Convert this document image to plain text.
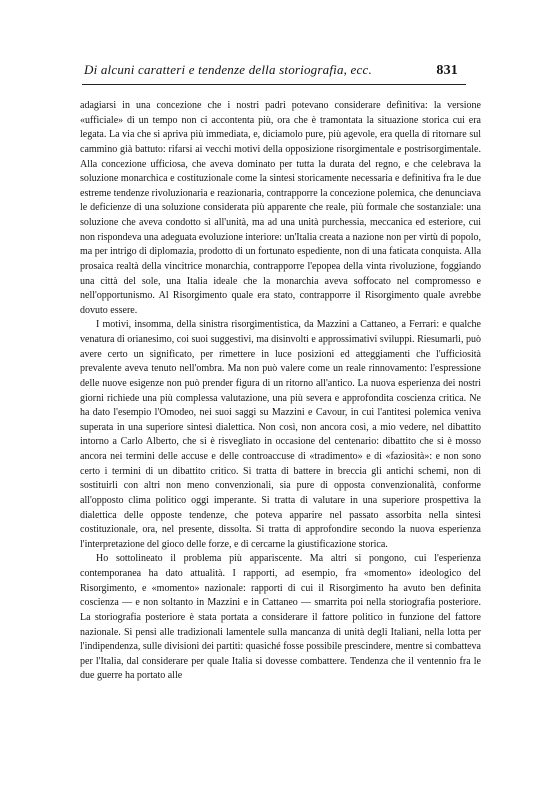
Di alcuni caratteri e tendenze della storiografia, ecc.	831

adagiarsi in una concezione che i nostri padri potevano considerare definitiva: la versione «ufficiale» di un tempo non ci accontenta più, ora che è tramontata la situazione storica cui era legata. La via che si apriva più immediata, e, diciamolo pure, più agevole, era quella di ritornare sul cammino già battuto: rifarsi ai vecchi motivi della opposizione risorgimentale e postrisorgimentale. Alla concezione ufficiosa, che aveva dominato per tutta la durata del regno, e che celebrava la soluzione monarchica e costituzionale come la sintesi storicamente necessaria e definitiva fra le due estreme tendenze rivoluzionaria e reazionaria, contrapporre la concezione polemica, che denunciava le deficienze di una soluzione considerata più apparente che reale, più formale che sostanziale: una soluzione che aveva condotto sì all'unità, ma ad una unità purchessia, meccanica ed esteriore, cui non rispondeva una adeguata evoluzione interiore: un'Italia creata a nazione non per virtù di popolo, ma per intrigo di diplomazia, prodotto di un fortunato espediente, non di una faticata conquista. Alla prosaica realtà della vincitrice monarchia, contrapporre l'epopea della vinta rivoluzione, foggiando una città del sole, una Italia ideale che la monarchia aveva soffocato nel compromesso e nell'opportunismo. Al Risorgimento quale era stato, contrapporre il Risorgimento quale avrebbe dovuto essere.

I motivi, insomma, della sinistra risorgimentistica, da Mazzini a Cattaneo, a Ferrari: e qualche venatura di orianesimo, coi suoi suggestivi, ma disinvolti e approssimativi sviluppi. Riesumarli, può avere certo un significato, per rimettere in luce posizioni ed atteggiamenti che l'ufficiosità prevalente aveva tenuto nell'ombra. Ma non può valere come un reale rinnovamento: l'espressione delle nuove esigenze non può prender figura di un ritorno all'antico. La nuova esperienza dei nostri giorni richiede una più complessa valutazione, una più severa e approfondita coscienza critica. Ne ha dato l'esempio l'Omodeo, nei suoi saggi su Mazzini e Cavour, in cui l'antitesi polemica veniva superata in una superiore sintesi dialettica. Non così, non ancora così, a mio vedere, nel dibattito intorno a Carlo Alberto, che si è risvegliato in occasione del centenario: dibattito che si è mosso ancora nei termini delle accuse e delle controaccuse di «tradimento» e di «faziosità»: e non sono certo i termini di un dibattito critico. Si tratta di battere in breccia gli antichi schemi, non di sostituirli con altri non meno convenzionali, sia pure di opposta convenzionalità, conforme all'opposto clima politico oggi imperante. Si tratta di valutare in una superiore prospettiva la dialettica delle opposte tendenze, che poteva apparire nel passato assorbita nella sintesi costituzionale, ora, nel presente, dissolta. Si tratta di approfondire secondo la nuova esperienza l'interpretazione del gioco delle forze, e di cercarne la giustificazione storica.

Ho sottolineato il problema più appariscente. Ma altri si pongono, cui l'esperienza contemporanea ha dato attualità. I rapporti, ad esempio, fra «momento» ideologico del Risorgimento, e «momento» nazionale: rapporti di cui il Risorgimento ha avuto ben definita coscienza — e non soltanto in Mazzini e in Cattaneo — smarrita poi nella storiografia posteriore. La storiografia posteriore è stata portata a considerare il fattore politico in funzione del fattore nazionale. Si pensi alle tradizionali lamentele sulla mancanza di unità degli Italiani, nella lotta per l'indipendenza, sulle divisioni dei partiti: quasiché fosse possibile prescindere, mentre si combatteva per l'Italia, dal considerare per quale Italia si dovesse combattere. Tendenza che il ventennio fra le due guerre ha portato alle
